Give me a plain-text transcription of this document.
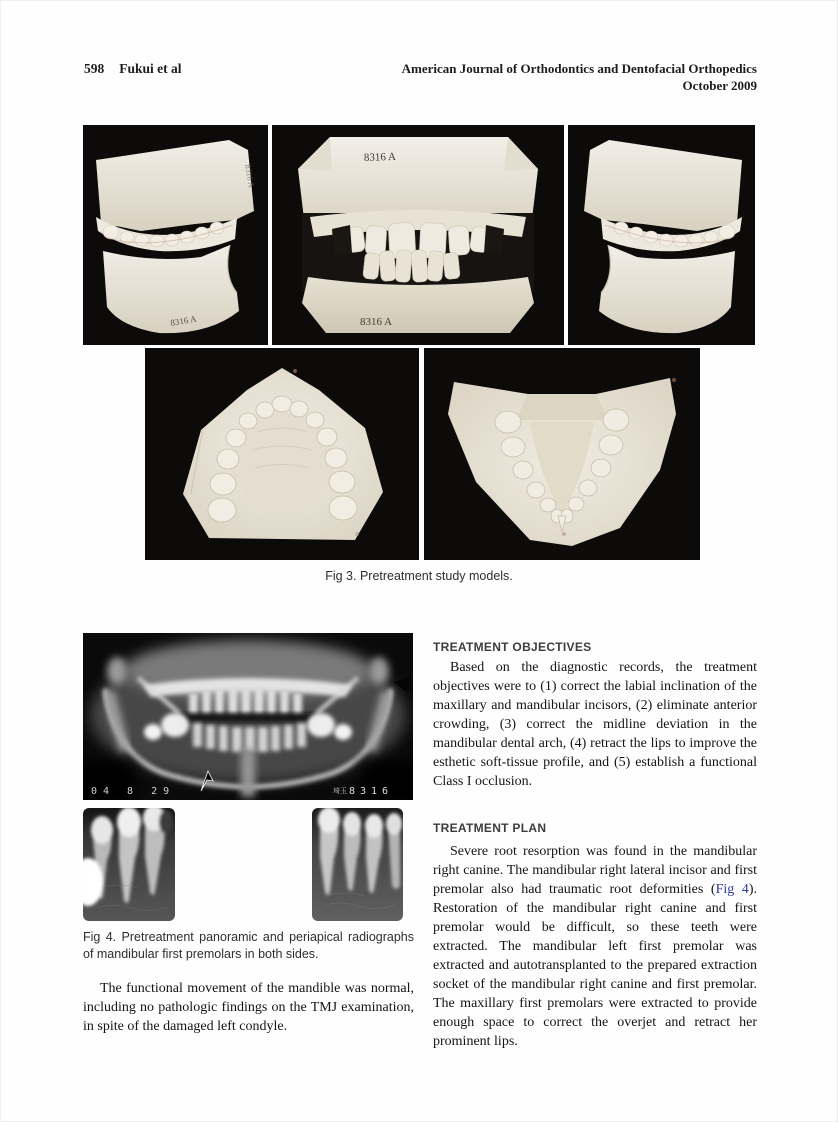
598 Fukui et al	American Journal of Orthodontics and Dentofacial Orthopedics
October 2009
8316 A
8316 A
8316 A
8316 A
Fig 3. Pretreatment study models.
04 8 29	埼玉 8316
Fig 4. Pretreatment panoramic and periapical radiographs of mandibular first premolars in both sides.

The functional movement of the mandible was normal, including no pathologic findings on the TMJ examination, in spite of the damaged left condyle.

TREATMENT OBJECTIVES

Based on the diagnostic records, the treatment objectives were to (1) correct the labial inclination of the maxillary and mandibular incisors, (2) eliminate anterior crowding, (3) correct the midline deviation in the mandibular dental arch, (4) retract the lips to improve the esthetic soft-tissue profile, and (5) establish a functional Class I occlusion.

TREATMENT PLAN

Severe root resorption was found in the mandibular right canine. The mandibular right lateral incisor and first premolar also had traumatic root deformities (Fig 4). Restoration of the mandibular right canine and first premolar would be difficult, so these teeth were extracted. The mandibular left first premolar was extracted and autotransplanted to the prepared extraction socket of the mandibular right canine and first premolar. The maxillary first premolars were extracted to provide enough space to correct the overjet and retract her prominent lips.
